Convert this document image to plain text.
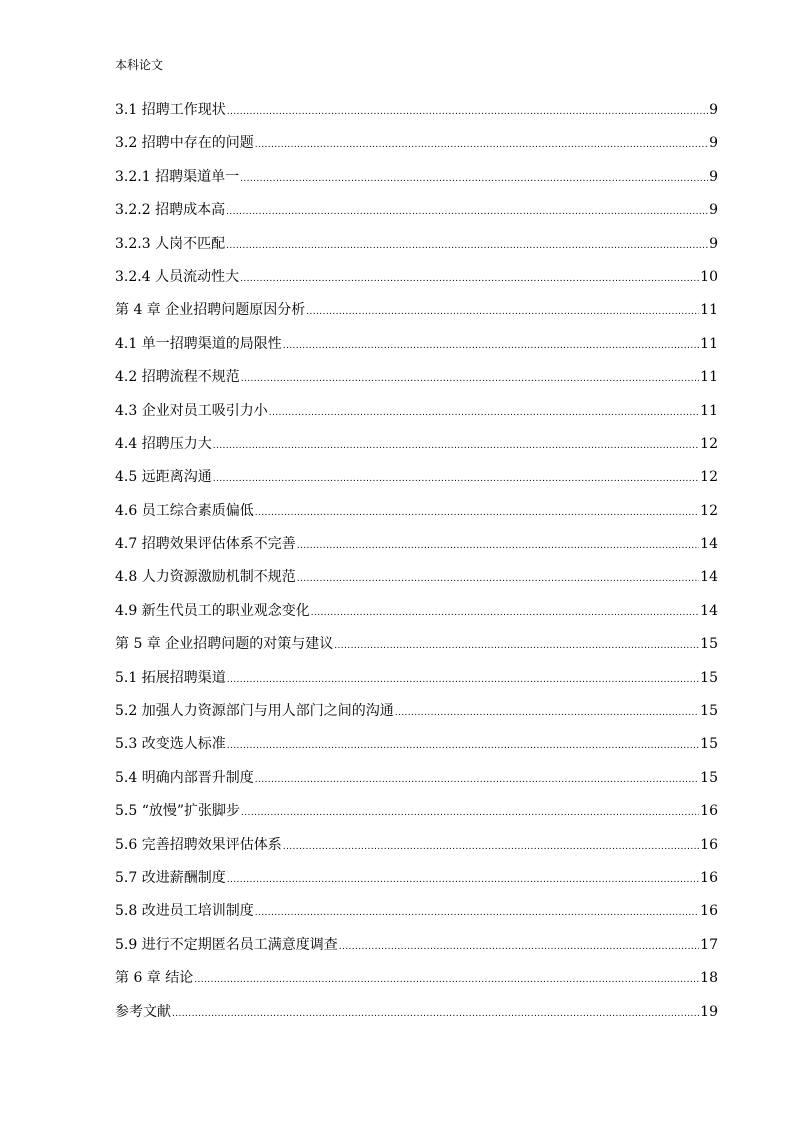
本科论文
3.1 招聘工作现状 .....	9
3.2 招聘中存在的问题 .....	9
3.2.1 招聘渠道单一 .....	9
3.2.2 招聘成本高 .....	9
3.2.3 人岗不匹配 .....	9
3.2.4 人员流动性大 .....	10
第 4 章 企业招聘问题原因分析 .....	11
4.1 单一招聘渠道的局限性 .....	11
4.2 招聘流程不规范 .....	11
4.3 企业对员工吸引力小 .....	11
4.4 招聘压力大 .....	12
4.5 远距离沟通 .....	12
4.6 员工综合素质偏低 .....	12
4.7 招聘效果评估体系不完善 .....	14
4.8 人力资源激励机制不规范 .....	14
4.9 新生代员工的职业观念变化 .....	14
第 5 章 企业招聘问题的对策与建议 .....	15
5.1 拓展招聘渠道 .....	15
5.2 加强人力资源部门与用人部门之间的沟通 .....	15
5.3 改变选人标准 .....	15
5.4 明确内部晋升制度 .....	15
5.5 “放慢”扩张脚步 .....	16
5.6 完善招聘效果评估体系 .....	16
5.7 改进薪酬制度 .....	16
5.8 改进员工培训制度 .....	16
5.9 进行不定期匿名员工满意度调查 .....	17
第 6 章 结论 .....	18
参考文献 .....	19
